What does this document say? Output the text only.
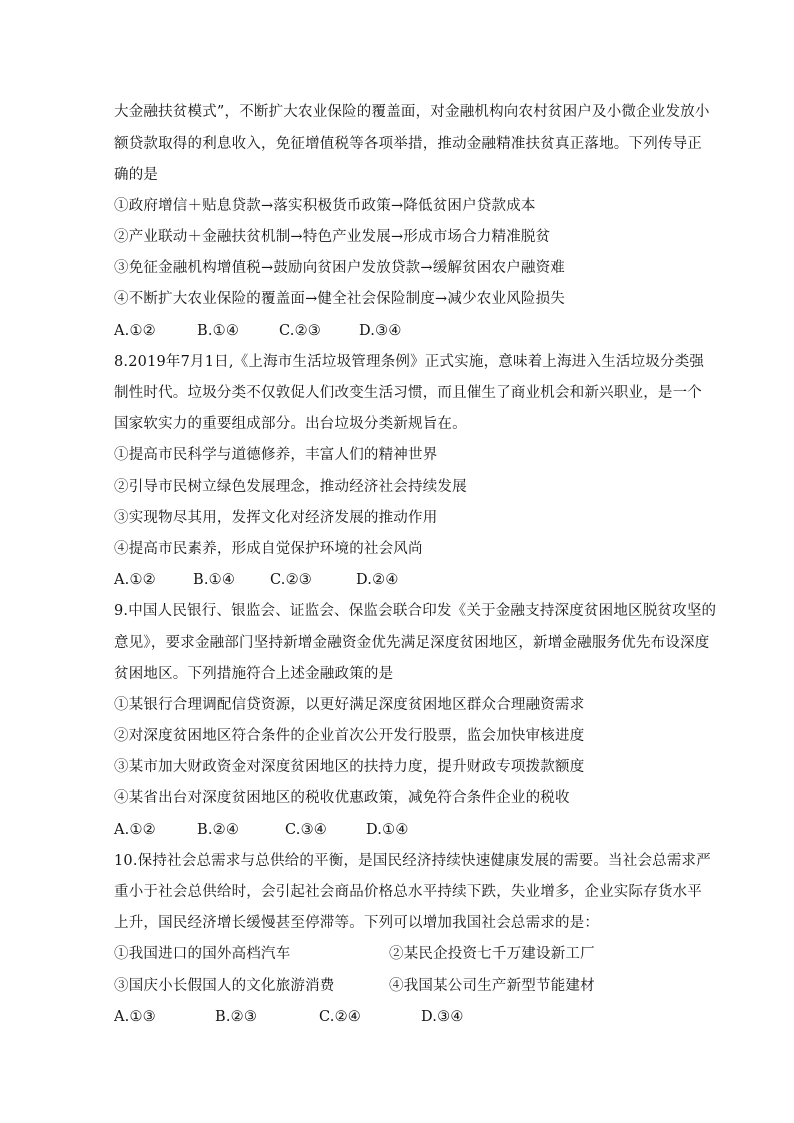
大金融扶贫模式”，不断扩大农业保险的覆盖面，对金融机构向农村贫困户及小微企业发放小
额贷款取得的利息收入，免征增值税等各项举措，推动金融精准扶贫真正落地。下列传导正
确的是
①政府增信＋贴息贷款→落实积极货币政策→降低贫困户贷款成本
②产业联动＋金融扶贫机制→特色产业发展→形成市场合力精准脱贫
③免征金融机构增值税→鼓励向贫困户发放贷款→缓解贫困农户融资难
④不断扩大农业保险的覆盖面→健全社会保险制度→减少农业风险损失
A.①②	B.①④	C.②③	D.③④
8.2019年7月1日,《上海市生活垃圾管理条例》正式实施，意味着上海进入生活垃圾分类强
制性时代。垃圾分类不仅敦促人们改变生活习惯，而且催生了商业机会和新兴职业，是一个
国家软实力的重要组成部分。出台垃圾分类新规旨在。
①提高市民科学与道德修养，丰富人们的精神世界
②引导市民树立绿色发展理念，推动经济社会持续发展
③实现物尽其用，发挥文化对经济发展的推动作用
④提高市民素养，形成自觉保护环境的社会风尚
A.①②	B.①④ C.②③	D.②④
9.中国人民银行、银监会、证监会、保监会联合印发《关于金融支持深度贫困地区脱贫攻坚的
意见》，要求金融部门坚持新增金融资金优先满足深度贫困地区，新增金融服务优先布设深度
贫困地区。下列措施符合上述金融政策的是
①某银行合理调配信贷资源，以更好满足深度贫困地区群众合理融资需求
②对深度贫困地区符合条件的企业首次公开发行股票，监会加快审核进度
③某市加大财政资金对深度贫困地区的扶持力度，提升财政专项拨款额度
④某省出台对深度贫困地区的税收优惠政策，减免符合条件企业的税收
A.①②	B.②④	C.③④	D.①④
10.保持社会总需求与总供给的平衡，是国民经济持续快速健康发展的需要。当社会总需求严
重小于社会总供给时，会引起社会商品价格总水平持续下跌，失业增多，企业实际存货水平
上升，国民经济增长缓慢甚至停滞等。下列可以增加我国社会总需求的是：
①我国进口的国外高档汽车	②某民企投资七千万建设新工厂
③国庆小长假国人的文化旅游消费	④我国某公司生产新型节能建材
A.①③	B.②③	C.②④	D.③④
